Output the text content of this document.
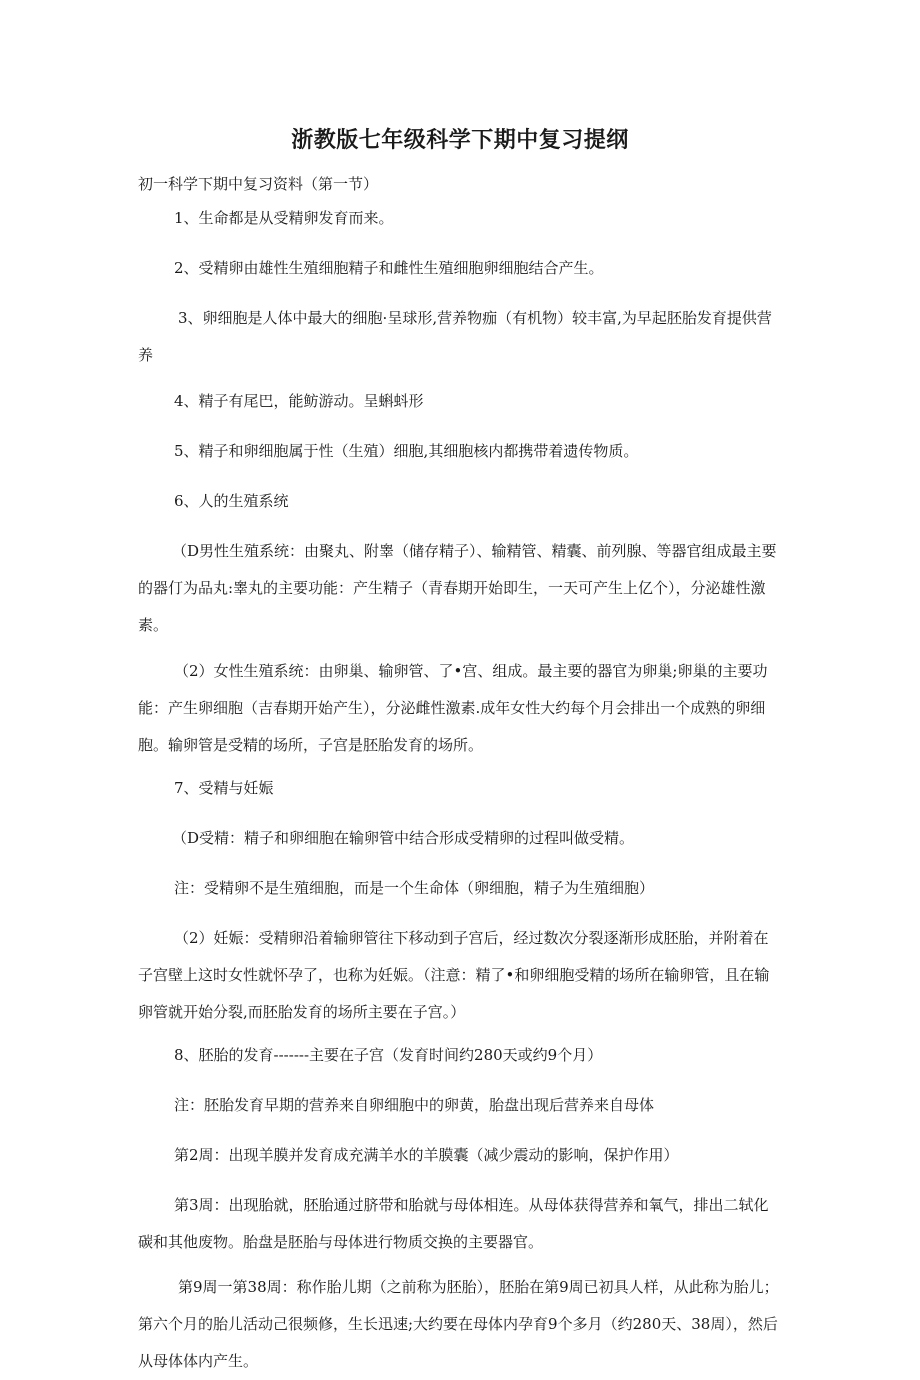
浙教版七年级科学下期中复习提纲

初一科学下期中复习资料（第一节）

1、生命都是从受精卵发育而来。

2、受精卵由雄性生殖细胞精子和雌性生殖细胞卵细胞结合产生。

3、卵细胞是人体中最大的细胞·呈球形,营养物痂（有机物）较丰富,为早起胚胎发育提供营养

4、精子有尾巴，能鲂游动。呈蝌蚪形

5、精子和卵细胞属于性（生殖）细胞,其细胞核内都携带着遗传物质。

6、人的生殖系统

（D男性生殖系统：由聚丸、附睾（储存精子）、输精管、精囊、前列腺、等器官组成最主要的器仃为品丸:睾丸的主要功能：产生精子（青春期开始即生，一天可产生上亿个），分泌雄性激素。

（2）女性生殖系统：由卵巢、输卵管、了•宫、组成。最主要的器官为卵巢;卵巢的主要功能：产生卵细胞（吉春期开始产生），分泌雌性激素.成年女性大约每个月会排出一个成熟的卵细胞。输卵管是受精的场所，子宫是胚胎发育的场所。

7、受精与妊娠

（D受精：精子和卵细胞在输卵管中结合形成受精卵的过程叫做受精。

注：受精卵不是生殖细胞，而是一个生命体（卵细胞，精子为生殖细胞）

（2）妊娠：受精卵沿着输卵管往下移动到子宫后，经过数次分裂逐渐形成胚胎，并附着在子宫壁上这时女性就怀孕了，也称为妊娠。（注意：精了•和卵细胞受精的场所在输卵管，且在输卵管就开始分裂,而胚胎发育的场所主要在子宫。）

8、胚胎的发育-------主要在子宫（发育时间约280天或约9个月）

注：胚胎发育早期的营养来自卵细胞中的卵黄，胎盘出现后营养来自母体

第2周：出现羊膜并发育成充满羊水的羊膜囊（减少震动的影响，保护作用）

第3周：出现胎就，胚胎通过脐带和胎就与母体相连。从母体获得营养和氧气，排出二轼化碳和其他废物。胎盘是胚胎与母体进行物质交换的主要器官。

第9周一第38周：称作胎儿期（之前称为胚胎），胚胎在第9周已初具人样，从此称为胎儿；第六个月的胎儿活动己很频修，生长迅速;大约要在母体内孕育9个多月（约280天、38周），然后从母体体内产生。
